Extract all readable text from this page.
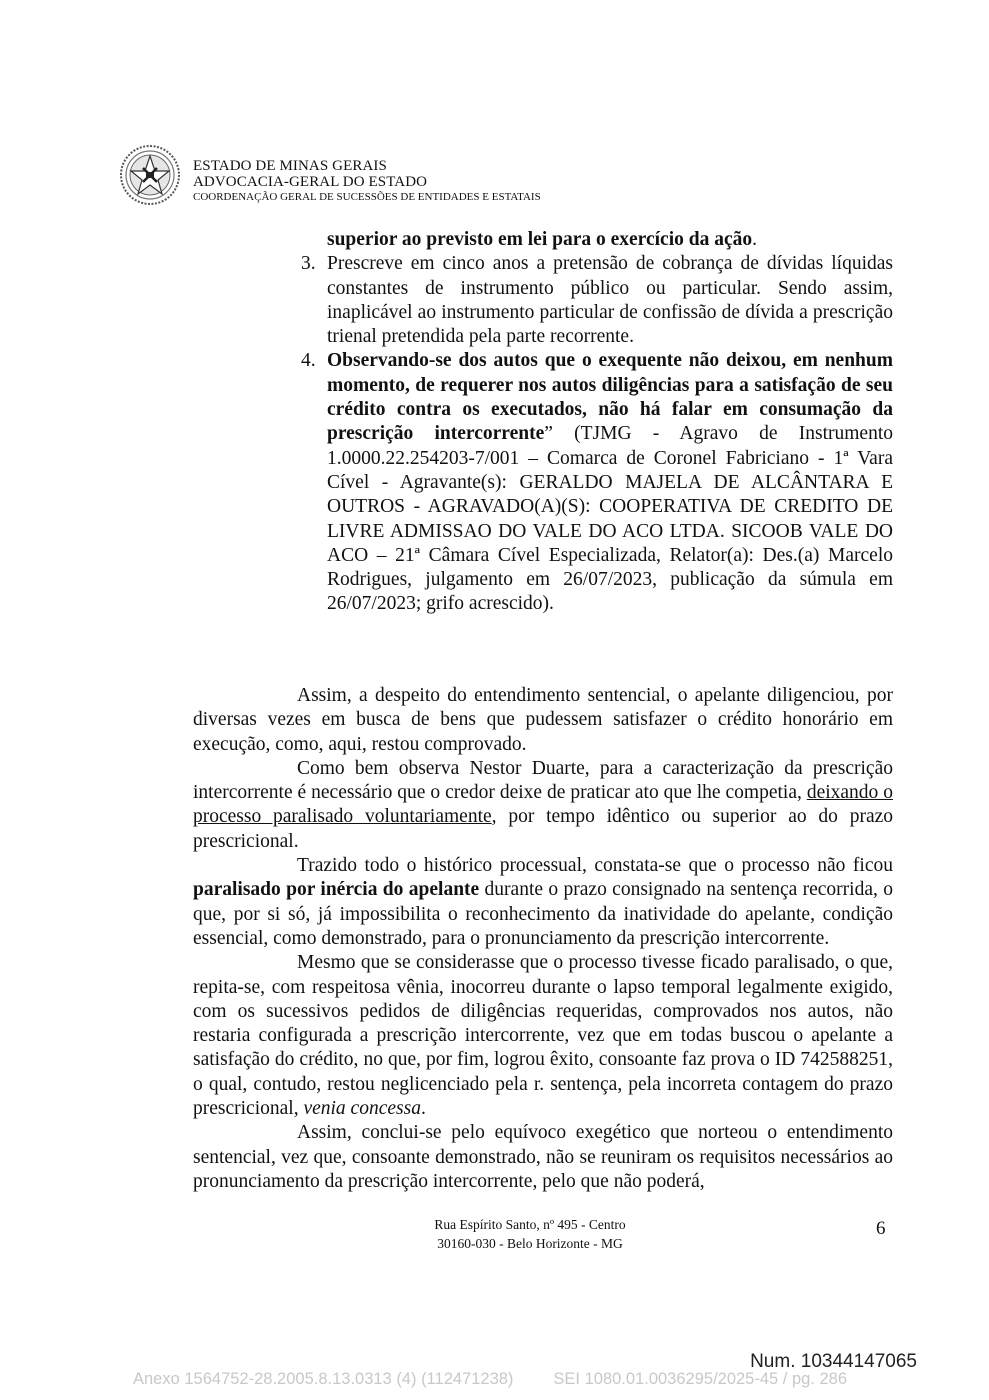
ESTADO DE MINAS GERAIS
ADVOCACIA-GERAL DO ESTADO
COORDENAÇÃO GERAL DE SUCESSÕES DE ENTIDADES E ESTATAIS

superior ao previsto em lei para o exercício da ação.

3. Prescreve em cinco anos a pretensão de cobrança de dívidas líquidas constantes de instrumento público ou particular. Sendo assim, inaplicável ao instrumento particular de confissão de dívida a prescrição trienal pretendida pela parte recorrente.

4. Observando-se dos autos que o exequente não deixou, em nenhum momento, de requerer nos autos diligências para a satisfação de seu crédito contra os executados, não há falar em consumação da prescrição intercorrente” (TJMG - Agravo de Instrumento 1.0000.22.254203-7/001 – Comarca de Coronel Fabriciano - 1ª Vara Cível - Agravante(s): GERALDO MAJELA DE ALCÂNTARA E OUTROS - AGRAVADO(A)(S): COOPERATIVA DE CREDITO DE LIVRE ADMISSAO DO VALE DO ACO LTDA. SICOOB VALE DO ACO – 21ª Câmara Cível Especializada, Relator(a): Des.(a) Marcelo Rodrigues, julgamento em 26/07/2023, publicação da súmula em 26/07/2023; grifo acrescido).

Assim, a despeito do entendimento sentencial, o apelante diligenciou, por diversas vezes em busca de bens que pudessem satisfazer o crédito honorário em execução, como, aqui, restou comprovado.

Como bem observa Nestor Duarte, para a caracterização da prescrição intercorrente é necessário que o credor deixe de praticar ato que lhe competia, deixando o processo paralisado voluntariamente, por tempo idêntico ou superior ao do prazo prescricional.

Trazido todo o histórico processual, constata-se que o processo não ficou paralisado por inércia do apelante durante o prazo consignado na sentença recorrida, o que, por si só, já impossibilita o reconhecimento da inatividade do apelante, condição essencial, como demonstrado, para o pronunciamento da prescrição intercorrente.

Mesmo que se considerasse que o processo tivesse ficado paralisado, o que, repita-se, com respeitosa vênia, inocorreu durante o lapso temporal legalmente exigido, com os sucessivos pedidos de diligências requeridas, comprovados nos autos, não restaria configurada a prescrição intercorrente, vez que em todas buscou o apelante a satisfação do crédito, no que, por fim, logrou êxito, consoante faz prova o ID 742588251, o qual, contudo, restou neglicenciado pela r. sentença, pela incorreta contagem do prazo prescricional, venia concessa.

Assim, conclui-se pelo equívoco exegético que norteou o entendimento sentencial, vez que, consoante demonstrado, não se reuniram os requisitos necessários ao pronunciamento da prescrição intercorrente, pelo que não poderá,

Rua Espírito Santo, nº 495 - Centro
30160-030 - Belo Horizonte - MG
6
Num. 10344147065
Anexo 1564752-28.2005.8.13.0313 (4) (112471238) SEI 1080.01.0036295/2025-45 / pg. 286
